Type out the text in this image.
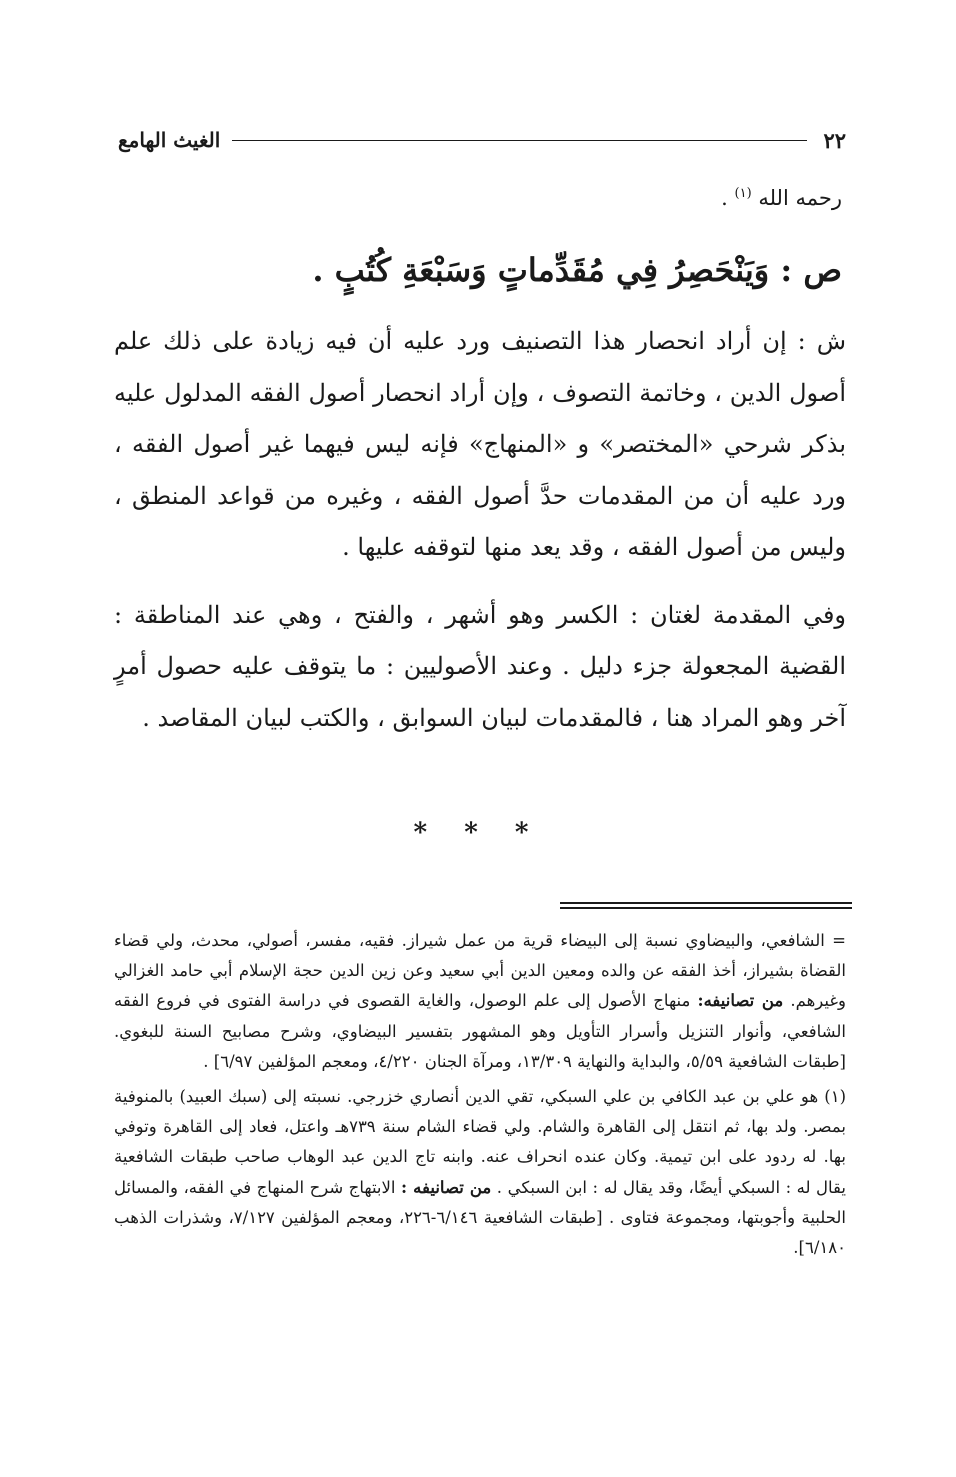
٢٢
الغيث الهامع
رحمه الله $^{(١)}$ .
ص : وَيَنْحَصِرُ فِي مُقَدِّماتٍ وَسَبْعَةِ كُتُبٍ .

ش : إن أراد انحصار هذا التصنيف ورد عليه أن فيه زيادة على ذلك علم أصول الدين ، وخاتمة التصوف ، وإن أراد انحصار أصول الفقه المدلول عليه بذكر شرحي «المختصر» و «المنهاج» فإنه ليس فيهما غير أصول الفقه ، ورد عليه أن من المقدمات حدَّ أصول الفقه ، وغيره من قواعد المنطق ، وليس من أصول الفقه ، وقد يعد منها لتوقفه عليها .

وفي المقدمة لغتان : الكسر وهو أشهر ، والفتح ، وهي عند المناطقة : القضية المجعولة جزء دليل . وعند الأصوليين : ما يتوقف عليه حصول أمرٍ آخر وهو المراد هنا ، فالمقدمات لبيان السوابق ، والكتب لبيان المقاصد .

* * *

= الشافعي، والبيضاوي نسبة إلى البيضاء قرية من عمل شيراز. فقيه، مفسر، أصولي، محدث، ولي قضاء القضاة بشيراز، أخذ الفقه عن والده ومعين الدين أبي سعيد وعن زين الدين حجة الإسلام أبي حامد الغزالي وغيرهم. من تصانيفه: منهاج الأصول إلى علم الوصول، والغاية القصوى في دراسة الفتوى في فروع الفقه الشافعي، وأنوار التنزيل وأسرار التأويل وهو المشهور بتفسير البيضاوي، وشرح مصابيح السنة للبغوي. [طبقات الشافعية ٥/٥٩، والبداية والنهاية ١٣/٣٠٩، ومرآة الجنان ٤/٢٢٠، ومعجم المؤلفين ٦/٩٧] .

(١) هو علي بن عبد الكافي بن علي السبكي، تقي الدين أنصاري خزرجي. نسبته إلى (سبك العبيد) بالمنوفية بمصر. ولد بها، ثم انتقل إلى القاهرة والشام. ولي قضاء الشام سنة ٧٣٩هـ واعتل، فعاد إلى القاهرة وتوفي بها. له ردود على ابن تيمية. وكان عنده انحراف عنه. وابنه تاج الدين عبد الوهاب صاحب طبقات الشافعية يقال له : السبكي أيضًا، وقد يقال له : ابن السبكي . من تصانيفه : الابتهاج شرح المنهاج في الفقه، والمسائل الحلبية وأجوبتها، ومجموعة فتاوى . [طبقات الشافعية ٦/١٤٦-٢٢٦، ومعجم المؤلفين ٧/١٢٧، وشذرات الذهب ٦/١٨٠].
